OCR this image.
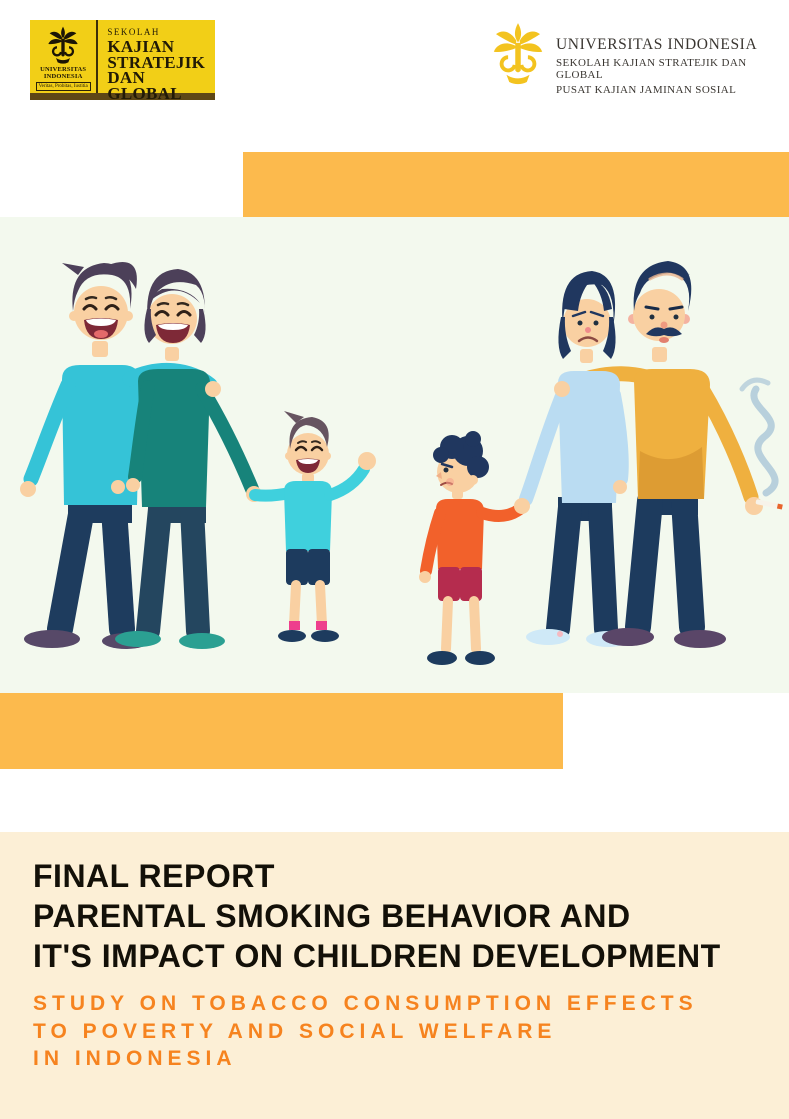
UNIVERSITAS INDONESIA
Veritas, Probitas, Iustitia
SEKOLAH
KAJIAN
STRATEJIK
DAN GLOBAL
UNIVERSITAS INDONESIA
SEKOLAH KAJIAN STRATEJIK DAN GLOBAL
PUSAT KAJIAN JAMINAN SOSIAL
FINAL REPORT
PARENTAL SMOKING BEHAVIOR AND
IT'S IMPACT ON CHILDREN DEVELOPMENT
STUDY ON TOBACCO CONSUMPTION EFFECTS
TO POVERTY AND SOCIAL WELFARE
IN INDONESIA
